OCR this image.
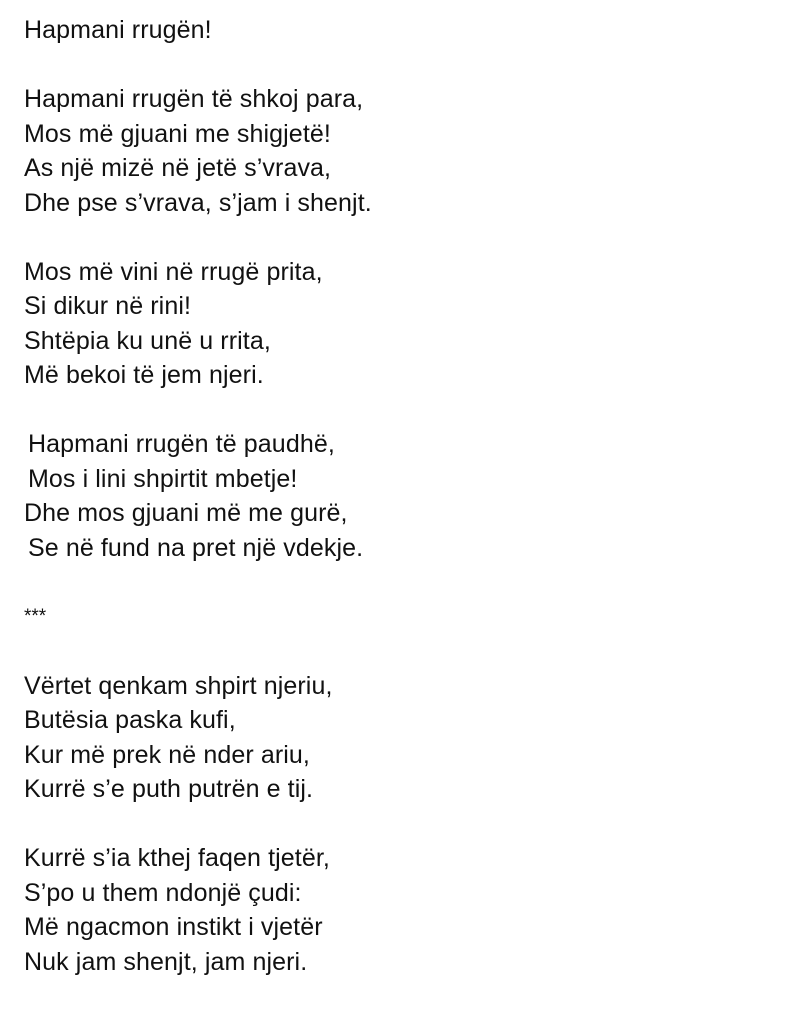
Hapmani rrugën!
Hapmani rrugën të shkoj para,
Mos më gjuani me shigjetë!
As një mizë në jetë s’vrava,
Dhe pse s’vrava, s’jam i shenjt.
Mos më vini në rrugë prita,
Si dikur në rini!
Shtëpia ku unë u rrita,
Më bekoi të jem njeri.
Hapmani rrugën të paudhë,
Mos i lini shpirtit mbetje!
Dhe mos gjuani më me gurë,
Se në fund na pret një vdekje.
***
Vërtet qenkam shpirt njeriu,
Butësia paska kufi,
Kur më prek në nder ariu,
Kurrë s’e puth putrën e tij.
Kurrë s’ia kthej faqen tjetër,
S’po u them ndonjë çudi:
Më ngacmon instikt i vjetër
Nuk jam shenjt, jam njeri.
